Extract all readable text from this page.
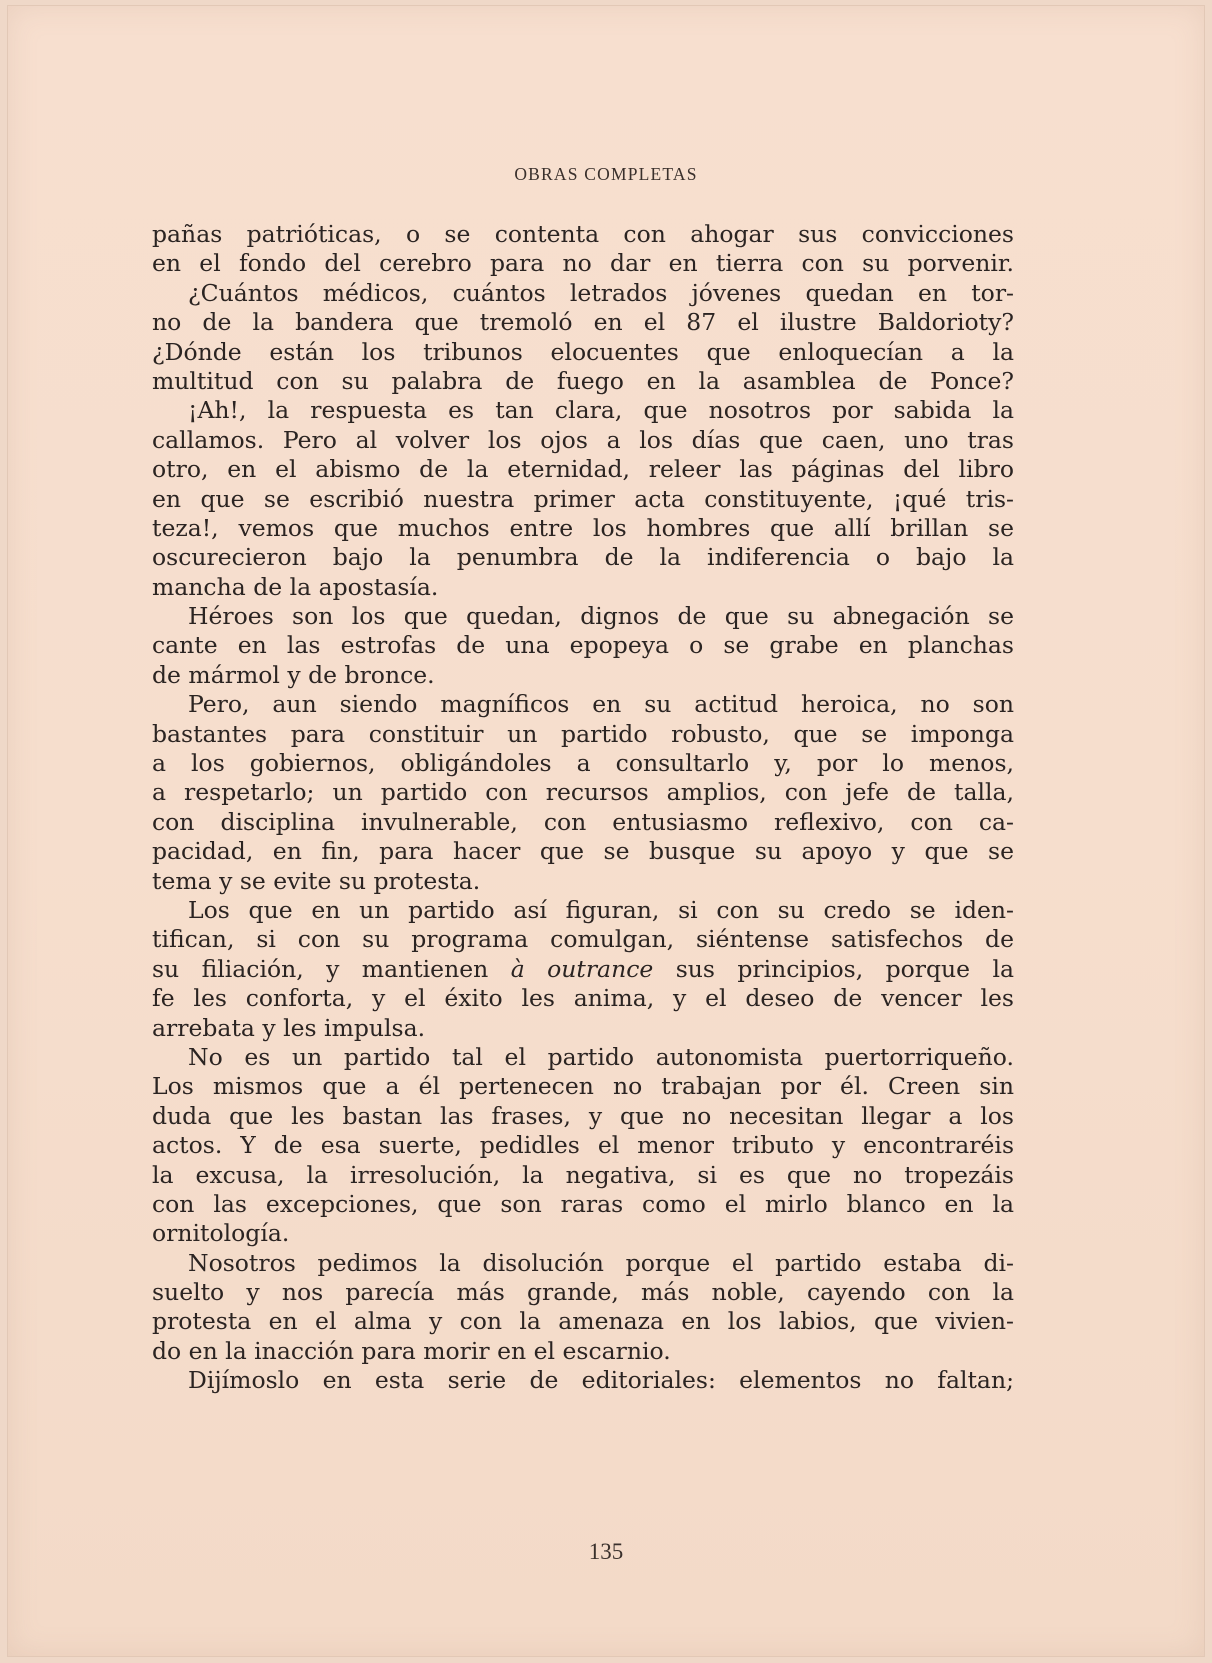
OBRAS COMPLETAS
pañas patrióticas, o se contenta con ahogar sus convicciones
en el fondo del cerebro para no dar en tierra con su porvenir.
¿Cuántos médicos, cuántos letrados jóvenes quedan en tor-
no de la bandera que tremoló en el 87 el ilustre Baldorioty?
¿Dónde están los tribunos elocuentes que enloquecían a la
multitud con su palabra de fuego en la asamblea de Ponce?
¡Ah!, la respuesta es tan clara, que nosotros por sabida la
callamos. Pero al volver los ojos a los días que caen, uno tras
otro, en el abismo de la eternidad, releer las páginas del libro
en que se escribió nuestra primer acta constituyente, ¡qué tris-
teza!, vemos que muchos entre los hombres que allí brillan se
oscurecieron bajo la penumbra de la indiferencia o bajo la
mancha de la apostasía.
Héroes son los que quedan, dignos de que su abnegación se
cante en las estrofas de una epopeya o se grabe en planchas
de mármol y de bronce.
Pero, aun siendo magníficos en su actitud heroica, no son
bastantes para constituir un partido robusto, que se imponga
a los gobiernos, obligándoles a consultarlo y, por lo menos,
a respetarlo; un partido con recursos amplios, con jefe de talla,
con disciplina invulnerable, con entusiasmo reflexivo, con ca-
pacidad, en fin, para hacer que se busque su apoyo y que se
tema y se evite su protesta.
Los que en un partido así figuran, si con su credo se iden-
tifican, si con su programa comulgan, siéntense satisfechos de
su filiación, y mantienen à outrance sus principios, porque la
fe les conforta, y el éxito les anima, y el deseo de vencer les
arrebata y les impulsa.
No es un partido tal el partido autonomista puertorriqueño.
Los mismos que a él pertenecen no trabajan por él. Creen sin
duda que les bastan las frases, y que no necesitan llegar a los
actos. Y de esa suerte, pedidles el menor tributo y encontraréis
la excusa, la irresolución, la negativa, si es que no tropezáis
con las excepciones, que son raras como el mirlo blanco en la
ornitología.
Nosotros pedimos la disolución porque el partido estaba di-
suelto y nos parecía más grande, más noble, cayendo con la
protesta en el alma y con la amenaza en los labios, que vivien-
do en la inacción para morir en el escarnio.
Dijímoslo en esta serie de editoriales: elementos no faltan;
135
